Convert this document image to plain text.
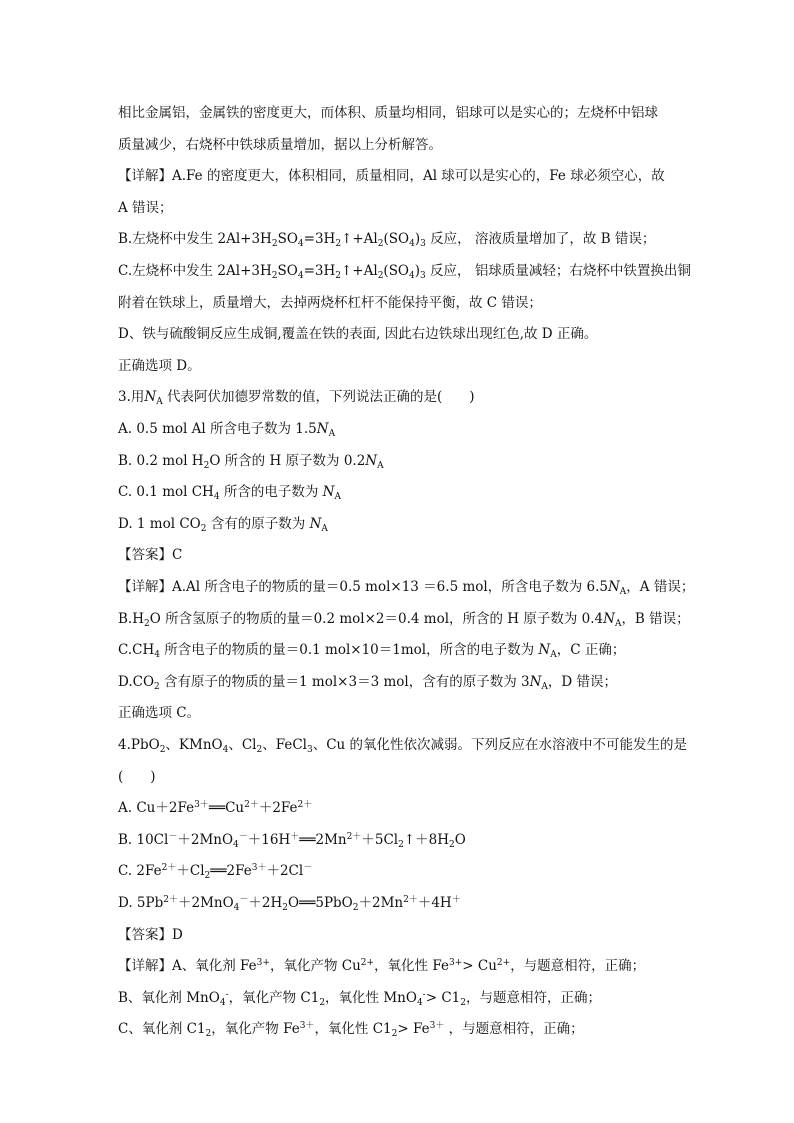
相比金属铝，金属铁的密度更大，而体积、质量均相同，铝球可以是实心的；左烧杯中铝球
质量减少，右烧杯中铁球质量增加，据以上分析解答。
【详解】A.Fe 的密度更大，体积相同，质量相同，Al 球可以是实心的，Fe 球必须空心，故
A 错误；
B.左烧杯中发生 $2Al+3H_2SO_4=3H_2↑+Al_2(SO_4)_3$ 反应， 溶液质量增加了，故 B 错误；
C.左烧杯中发生 $2Al+3H_2SO_4=3H_2↑+Al_2(SO_4)_3$ 反应， 铝球质量减轻；右烧杯中铁置换出铜
附着在铁球上，质量增大，去掉两烧杯杠杆不能保持平衡，故 C 错误；
D、铁与硫酸铜反应生成铜,覆盖在铁的表面, 因此右边铁球出现红色,故 D 正确。
正确选项 D。
3.用$N_A$ 代表阿伏加德罗常数的值，下列说法正确的是(　　)
A. 0.5 mol Al 所含电子数为 $1.5N_A$
B. 0.2 mol $H_2O$ 所含的 H 原子数为 $0.2N_A$
C. 0.1 mol $CH_4$ 所含的电子数为 $N_A$
D. 1 mol $CO_2$ 含有的原子数为 $N_A$
【答案】C
【详解】A.Al 所含电子的物质的量＝0.5 mol×13 ＝6.5 mol，所含电子数为 $6.5N_A$，A 错误；
$B.H_2O$ 所含氢原子的物质的量＝0.2 mol×2＝0.4 mol，所含的 H 原子数为 $0.4N_A$，B 错误；
$C.CH_4$ 所含电子的物质的量＝0.1 mol×10＝1mol，所含的电子数为 $N_A$，C 正确；
$D.CO_2$ 含有原子的物质的量＝1 mol×3＝3 mol，含有的原子数为 $3N_A$，D 错误；
正确选项 C。
4.PbO$_2$、KMnO$_4$、$Cl_2$、FeCl$_3$、Cu 的氧化性依次减弱。下列反应在水溶液中不可能发生的是
(　　)
A. $Cu+2Fe^{3+}══Cu^{2+}+2Fe^{2+}$
B. $10Cl^-+2MnO_4^-+16H^+══2Mn^{2+}+5Cl_2↑+8H_2O$
C. $2Fe^{2+}+Cl_2══2Fe^{3+}+2Cl^-$
D. $5Pb^{2+}+2MnO_4^-+2H_2O══5PbO_2+2Mn^{2+}+4H^+$
【答案】D
【详解】A、氧化剂 $Fe^{3+}$，氧化产物 $Cu^{2+}$，氧化性 $Fe^{3+}> Cu^{2+}$，与题意相符，正确；
B、氧化剂 MnO$_4$-，氧化产物 $C1_2$，氧化性 $MnO_4^-> C1_2$，与题意相符，正确；
C、氧化剂 $C1_2$，氧化产物 $Fe^{3+}$，氧化性 $C1_2> Fe^{3+}$ ，与题意相符，正确；
